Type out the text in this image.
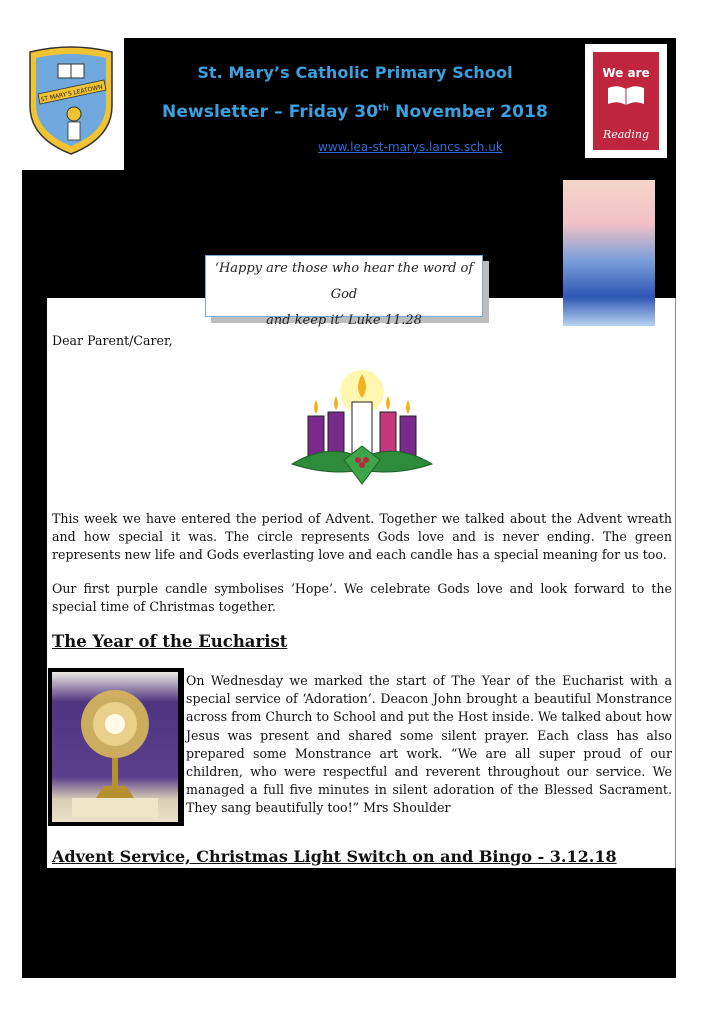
ST MARY'S LEATOWN
St. Mary’s Catholic Primary School
Newsletter – Friday 30th November 2018
www.lea-st-marys.lancs.sch.uk
We are
Reading
‘Happy are those who hear the word of God
and keep it’ Luke 11.28
Dear Parent/Carer,
This week we have entered the period of Advent. Together we talked about the Advent wreath and how special it was. The circle represents Gods love and is never ending. The green represents new life and Gods everlasting love and each candle has a special meaning for us too.
Our first purple candle symbolises ‘Hope’. We celebrate Gods love and look forward to the special time of Christmas together.
The Year of the Eucharist
On Wednesday we marked the start of The Year of the Eucharist with a special service of ‘Adoration’. Deacon John brought a beautiful Monstrance across from Church to School and put the Host inside. We talked about how Jesus was present and shared some silent prayer. Each class has also prepared some Monstrance art work. “We are all super proud of our children, who were respectful and reverent throughout our service. We managed a full five minutes in silent adoration of the Blessed Sacrament. They sang beautifully too!” Mrs Shoulder
Advent Service, Christmas Light Switch on and Bingo - 3.12.18
